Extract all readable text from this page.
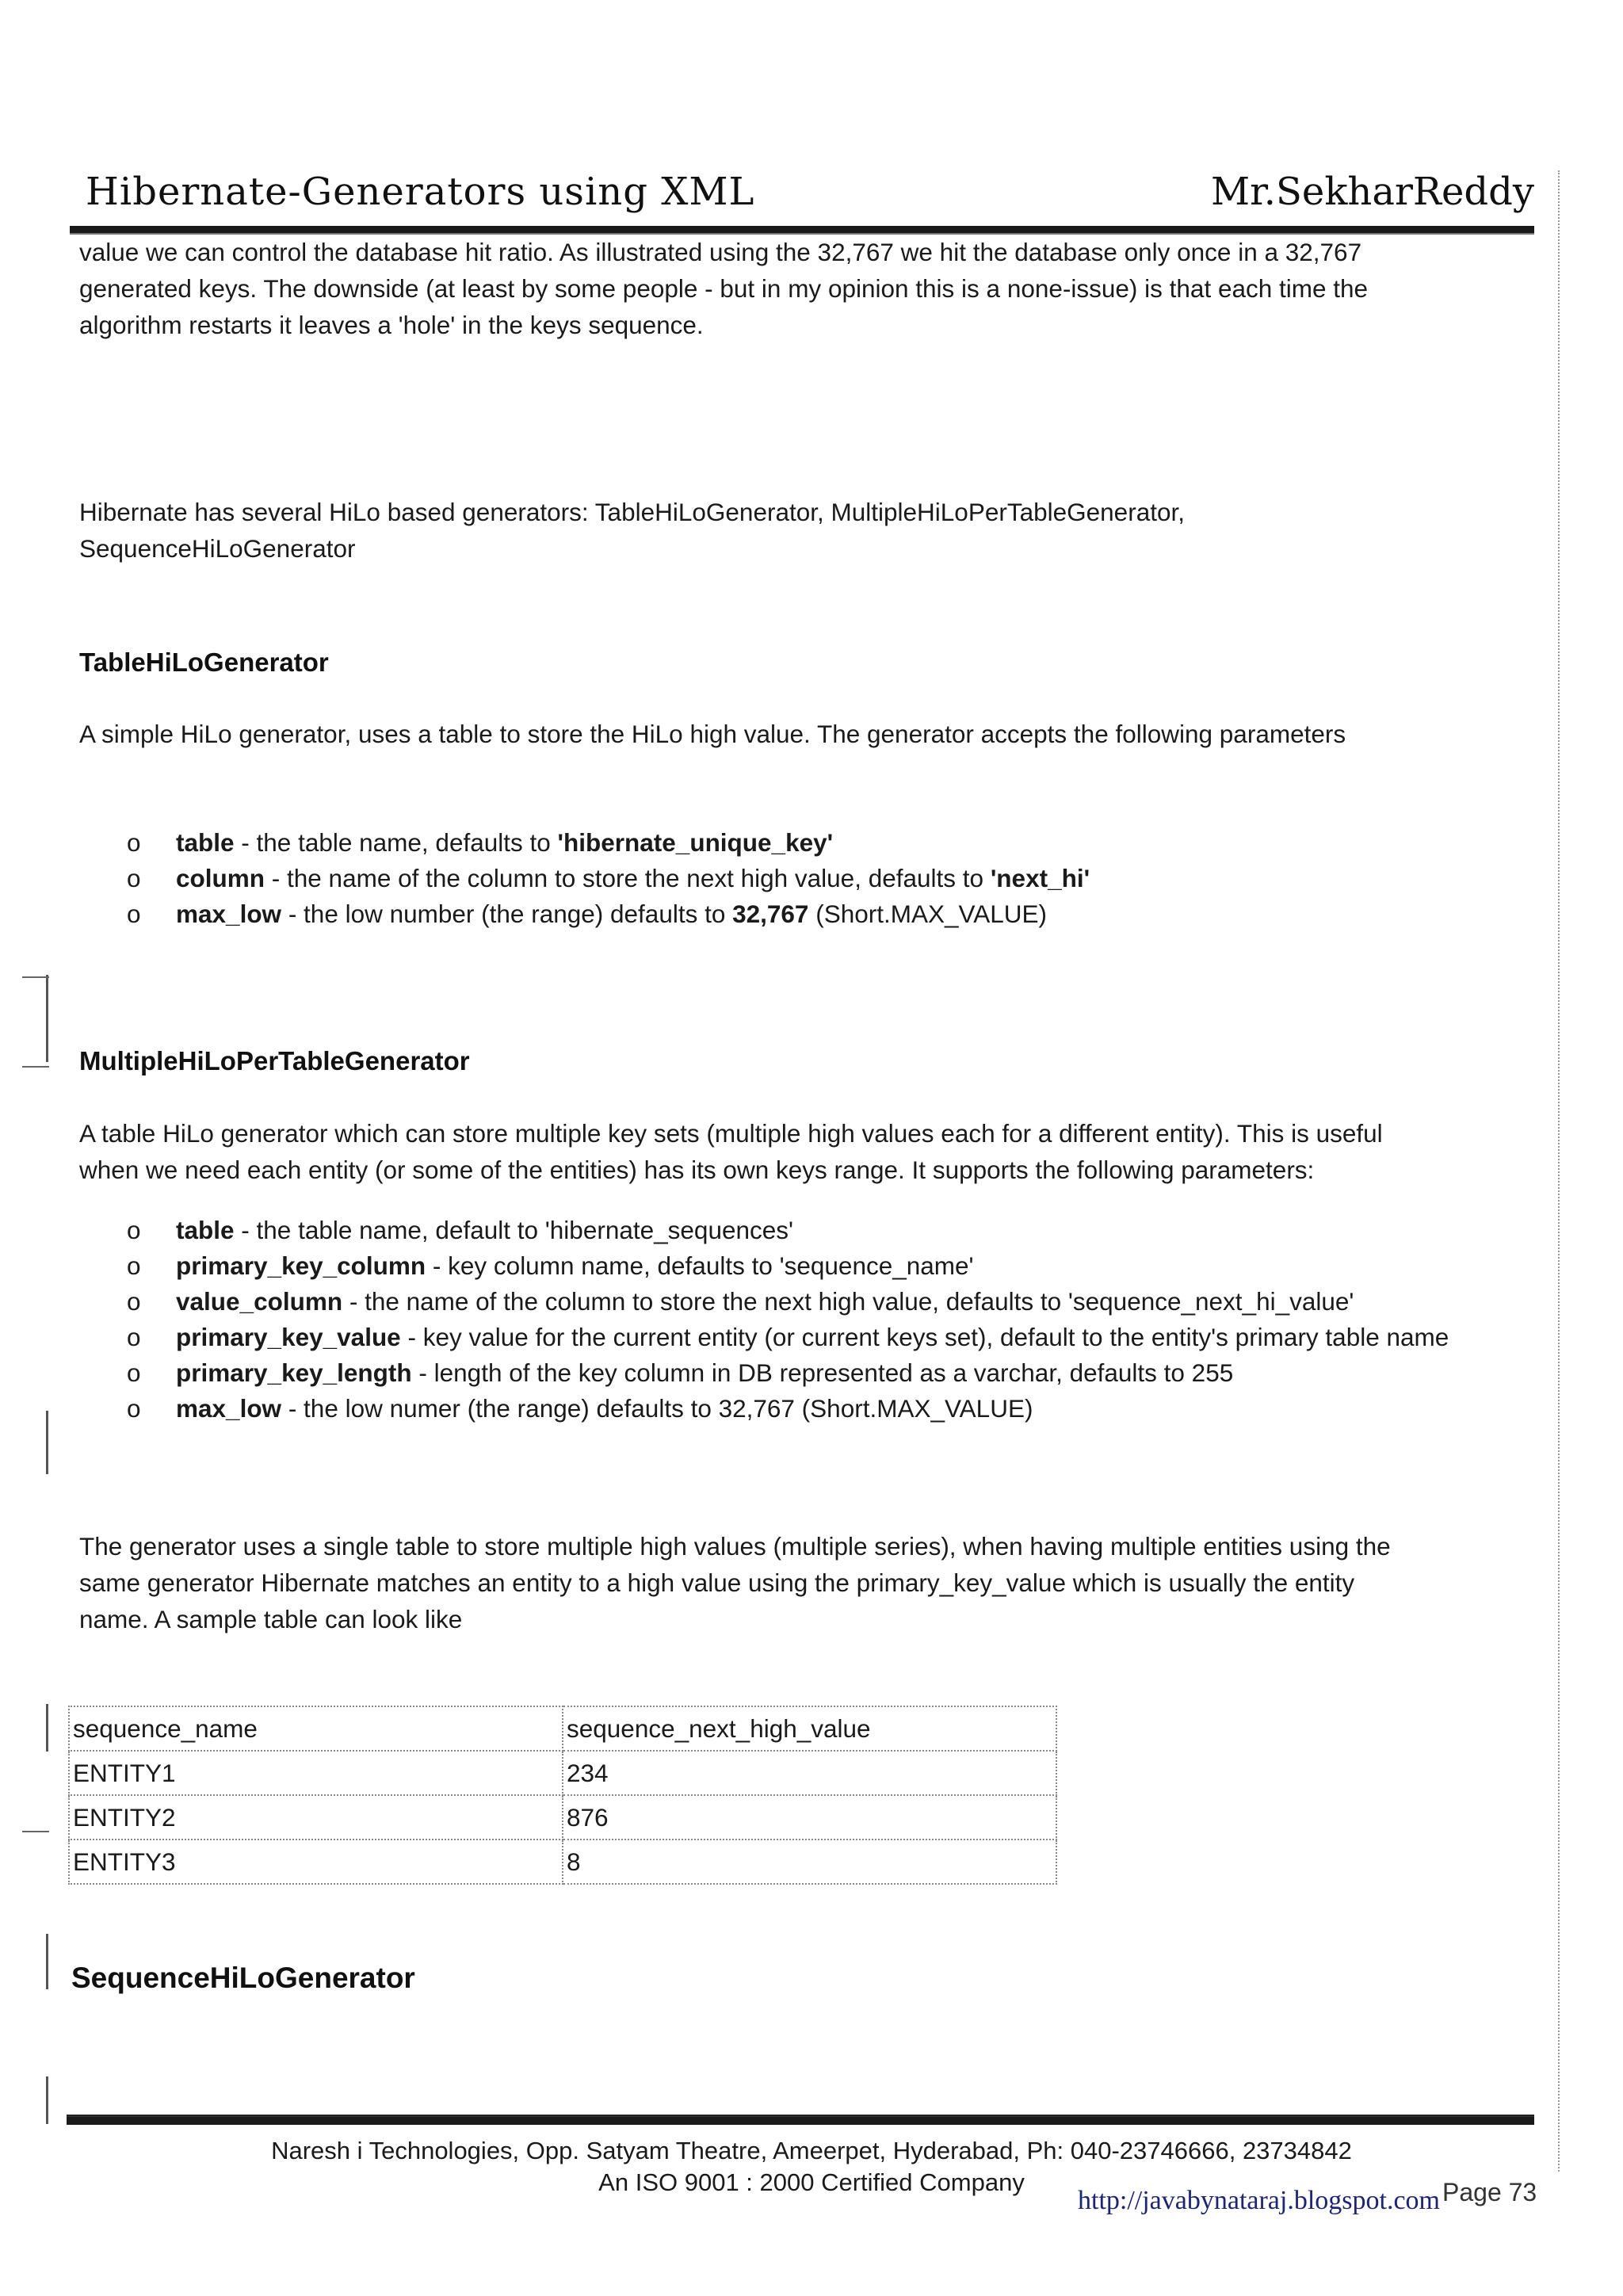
Hibernate-Generators using XML	Mr.SekharReddy
value we can control the database hit ratio. As illustrated using the 32,767 we hit the database only once in a 32,767
generated keys. The downside (at least by some people - but in my opinion this is a none-issue) is that each time the
algorithm restarts it leaves a 'hole' in the keys sequence.
Hibernate has several HiLo based generators: TableHiLoGenerator, MultipleHiLoPerTableGenerator,
SequenceHiLoGenerator
TableHiLoGenerator
A simple HiLo generator, uses a table to store the HiLo high value. The generator accepts the following parameters
o table - the table name, defaults to 'hibernate_unique_key'
o column - the name of the column to store the next high value, defaults to 'next_hi'
o max_low - the low number (the range) defaults to 32,767 (Short.MAX_VALUE)
MultipleHiLoPerTableGenerator
A table HiLo generator which can store multiple key sets (multiple high values each for a different entity). This is useful
when we need each entity (or some of the entities) has its own keys range. It supports the following parameters:
o table - the table name, default to 'hibernate_sequences'
o primary_key_column - key column name, defaults to 'sequence_name'
o value_column - the name of the column to store the next high value, defaults to 'sequence_next_hi_value'
o primary_key_value - key value for the current entity (or current keys set), default to the entity's primary table name
o primary_key_length - length of the key column in DB represented as a varchar, defaults to 255
o max_low - the low numer (the range) defaults to 32,767 (Short.MAX_VALUE)
The generator uses a single table to store multiple high values (multiple series), when having multiple entities using the
same generator Hibernate matches an entity to a high value using the primary_key_value which is usually the entity
name. A sample table can look like
sequence_name	sequence_next_high_value
ENTITY1	234
ENTITY2	876
ENTITY3	8
SequenceHiLoGenerator
Naresh i Technologies, Opp. Satyam Theatre, Ameerpet, Hyderabad, Ph: 040-23746666, 23734842
An ISO 9001 : 2000 Certified Company
http://javabynataraj.blogspot.com Page 73
